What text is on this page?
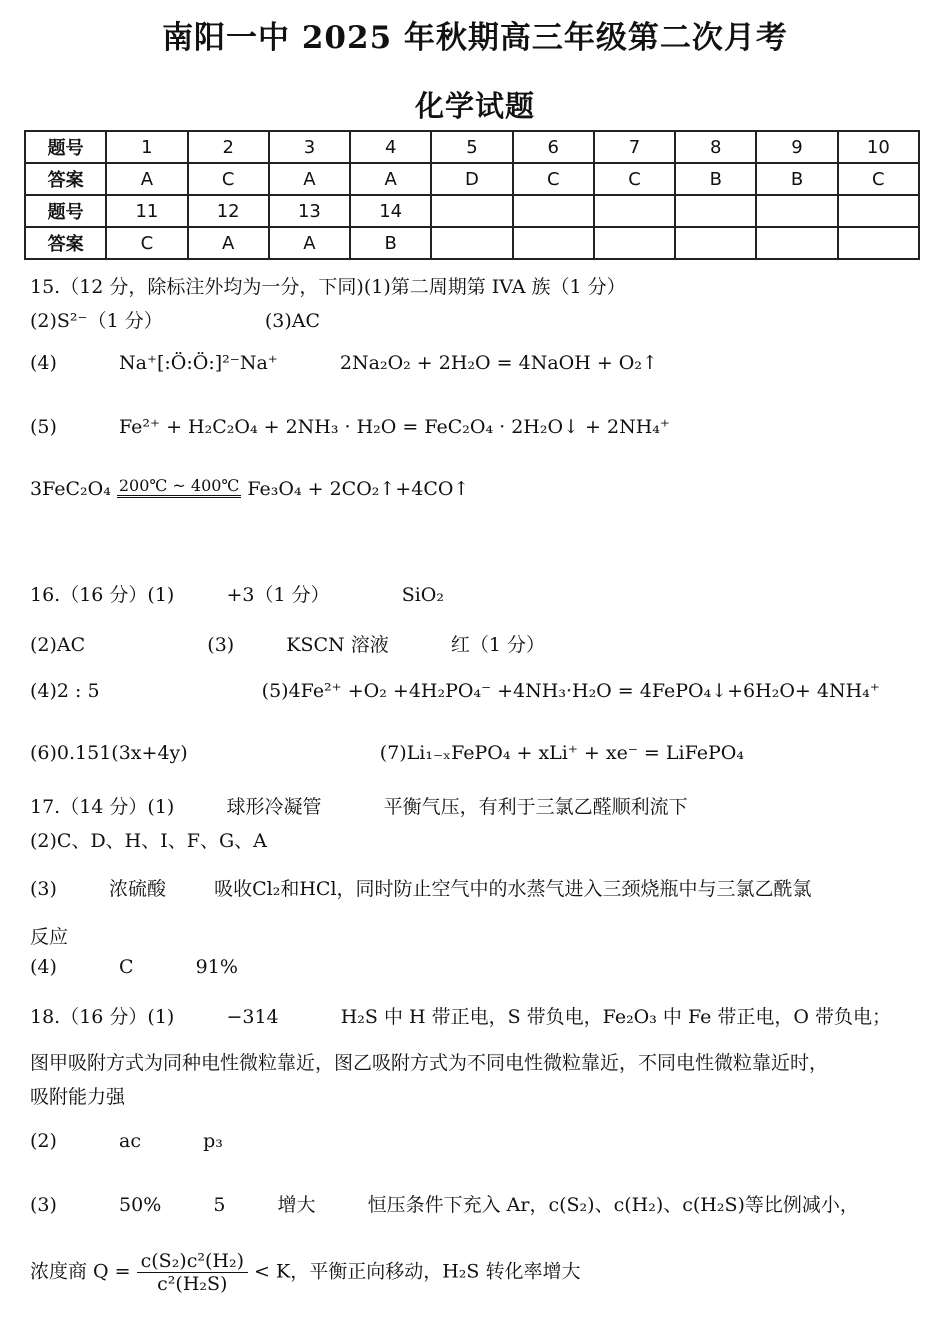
南阳一中 2025 年秋期高三年级第二次月考
化学试题
题号	1	2	3	4	5	6	7	8	9	10
答案	A	C	A	A	D	C	C	B	B	C
题号	11	12	13	14						
答案	C	A	A	B						
15.（12 分，除标注外均为一分，下同)(1)第二周期第 IVA 族（1 分）
(2)S²⁻（1 分）	(3)AC
(4)	Na⁺[:Ö:Ö:]²⁻Na⁺	2Na₂O₂ + 2H₂O = 4NaOH + O₂↑
(5)	Fe²⁺ + H₂C₂O₄ + 2NH₃ · H₂O = FeC₂O₄ · 2H₂O↓ + 2NH₄⁺
3FeC₂O₄ 200℃ ~ 400℃ Fe₃O₄ + 2CO₂↑+4CO↑
16.（16 分）(1)	+3（1 分）	SiO₂
(2)AC	(3)	KSCN 溶液	红（1 分）
(4)2 : 5	(5)4Fe²⁺ +O₂ +4H₂PO₄⁻ +4NH₃·H₂O = 4FePO₄↓+6H₂O+ 4NH₄⁺
(6)0.151(3x+4y)	(7)Li₁₋ₓFePO₄ + xLi⁺ + xe⁻ = LiFePO₄
17.（14 分）(1)	球形冷凝管	平衡气压，有利于三氯乙醛顺利流下
(2)C、D、H、I、F、G、A
(3)	浓硫酸	吸收Cl₂和HCl，同时防止空气中的水蒸气进入三颈烧瓶中与三氯乙酰氯
反应
(4)	C	91%
18.（16 分）(1)	−314	H₂S 中 H 带正电，S 带负电，Fe₂O₃ 中 Fe 带正电，O 带负电；
图甲吸附方式为同种电性微粒靠近，图乙吸附方式为不同电性微粒靠近，不同电性微粒靠近时，
吸附能力强
(2)	ac	p₃
(3)	50%	5	增大	恒压条件下充入 Ar，c(S₂)、c(H₂)、c(H₂S)等比例减小，
浓度商 $Q = \frac{\text{c(S₂)c²(H₂)}}{\text{c²(H₂S)}} < K$，平衡正向移动，H₂S 转化率增大
